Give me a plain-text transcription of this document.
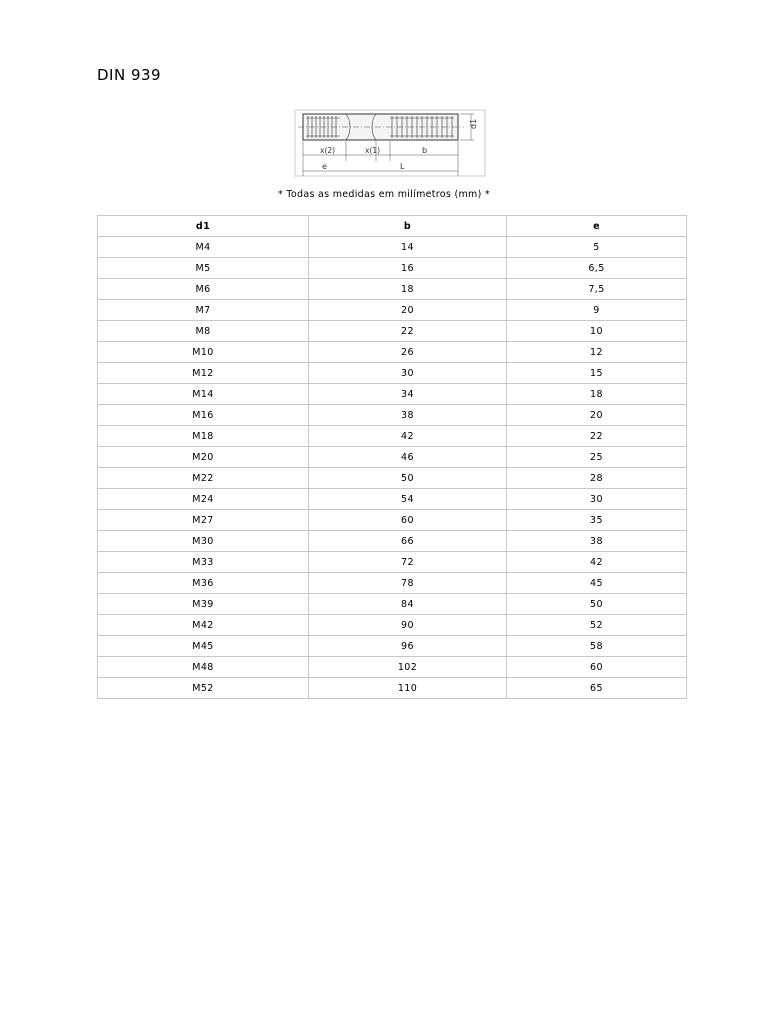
DIN 939
d1
x(2)	x(1)	b
e	L
* Todas as medidas em milímetros (mm) *
d1	b	e
M4	14	5
M5	16	6,5
M6	18	7,5
M7	20	9
M8	22	10
M10	26	12
M12	30	15
M14	34	18
M16	38	20
M18	42	22
M20	46	25
M22	50	28
M24	54	30
M27	60	35
M30	66	38
M33	72	42
M36	78	45
M39	84	50
M42	90	52
M45	96	58
M48	102	60
M52	110	65
